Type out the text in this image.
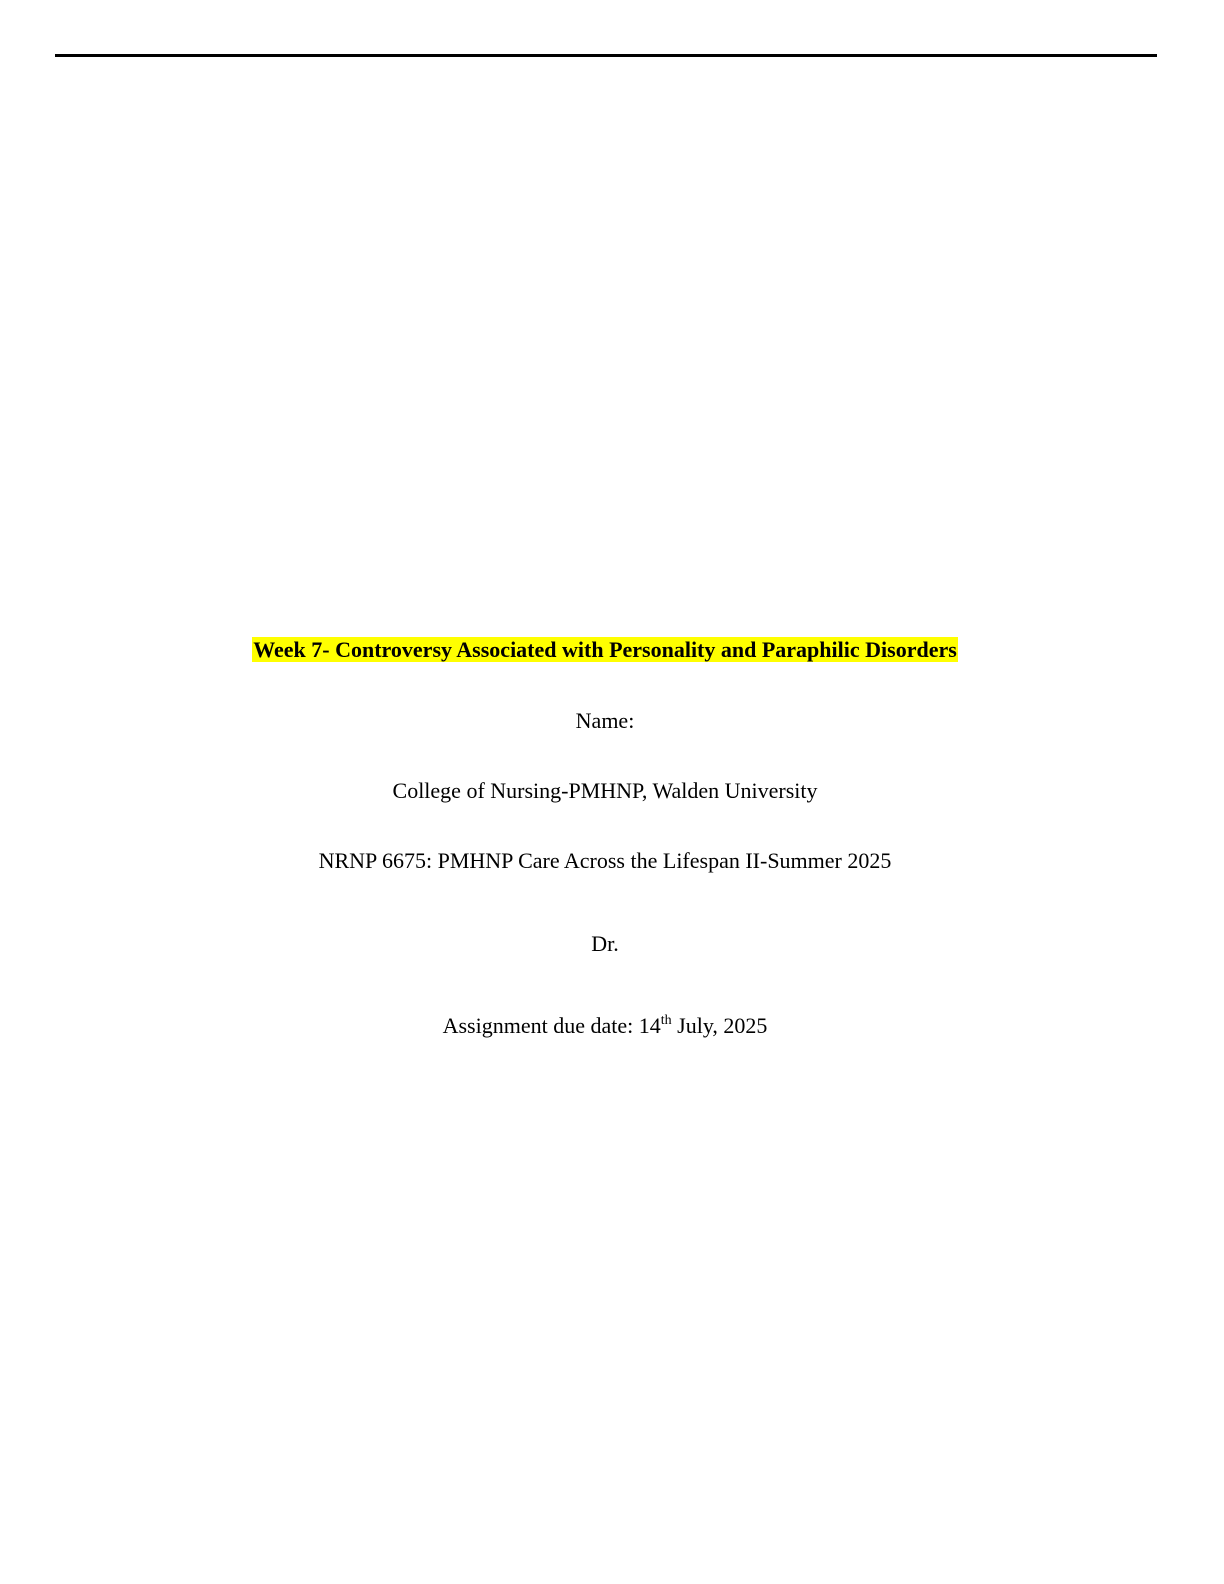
Week 7- Controversy Associated with Personality and Paraphilic Disorders
Name:
College of Nursing-PMHNP, Walden University
NRNP 6675: PMHNP Care Across the Lifespan II-Summer 2025
Dr.
Assignment due date: 14th July, 2025
